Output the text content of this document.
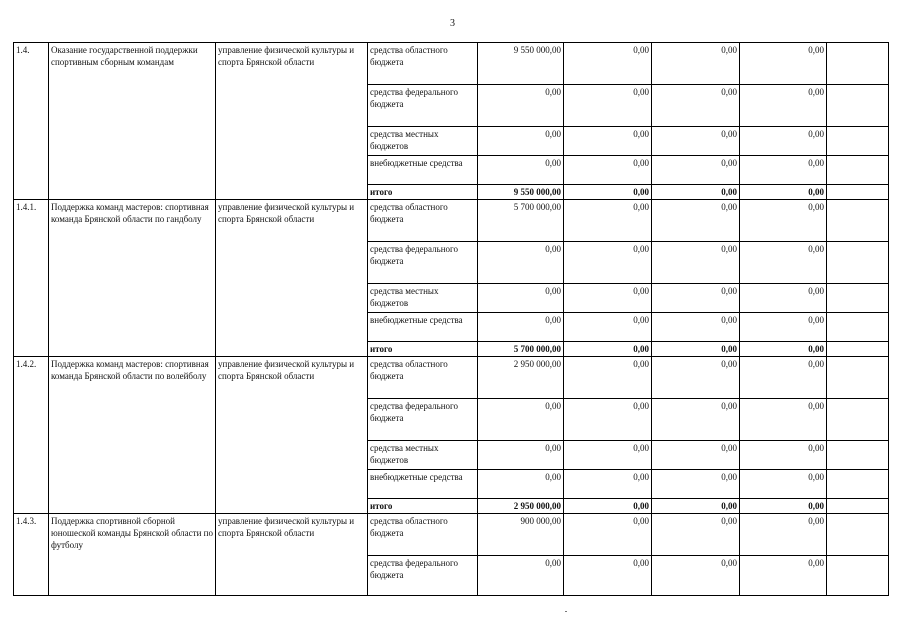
3
1.4.	Оказание государственной поддержки спортивным сборным командам	управление физической культуры и спорта Брянской области	средства областного бюджета	9 550 000,00	0,00	0,00	0,00	
			средства федерального бюджета	0,00	0,00	0,00	0,00	
			средства местных бюджетов	0,00	0,00	0,00	0,00	
			внебюджетные средства	0,00	0,00	0,00	0,00	
			итого	9 550 000,00	0,00	0,00	0,00	
1.4.1.	Поддержка команд мастеров: спортивная команда Брянской области по гандболу	управление физической культуры и спорта Брянской области	средства областного бюджета	5 700 000,00	0,00	0,00	0,00	
			средства федерального бюджета	0,00	0,00	0,00	0,00	
			средства местных бюджетов	0,00	0,00	0,00	0,00	
			внебюджетные средства	0,00	0,00	0,00	0,00	
			итого	5 700 000,00	0,00	0,00	0,00	
1.4.2.	Поддержка команд мастеров: спортивная команда Брянской области по волейболу	управление физической культуры и спорта Брянской области	средства областного бюджета	2 950 000,00	0,00	0,00	0,00	
			средства федерального бюджета	0,00	0,00	0,00	0,00	
			средства местных бюджетов	0,00	0,00	0,00	0,00	
			внебюджетные средства	0,00	0,00	0,00	0,00	
			итого	2 950 000,00	0,00	0,00	0,00	
1.4.3.	Поддержка спортивной сборной юношеской команды Брянской области по футболу	управление физической культуры и спорта Брянской области	средства областного бюджета	900 000,00	0,00	0,00	0,00	
			средства федерального бюджета	0,00	0,00	0,00	0,00	
